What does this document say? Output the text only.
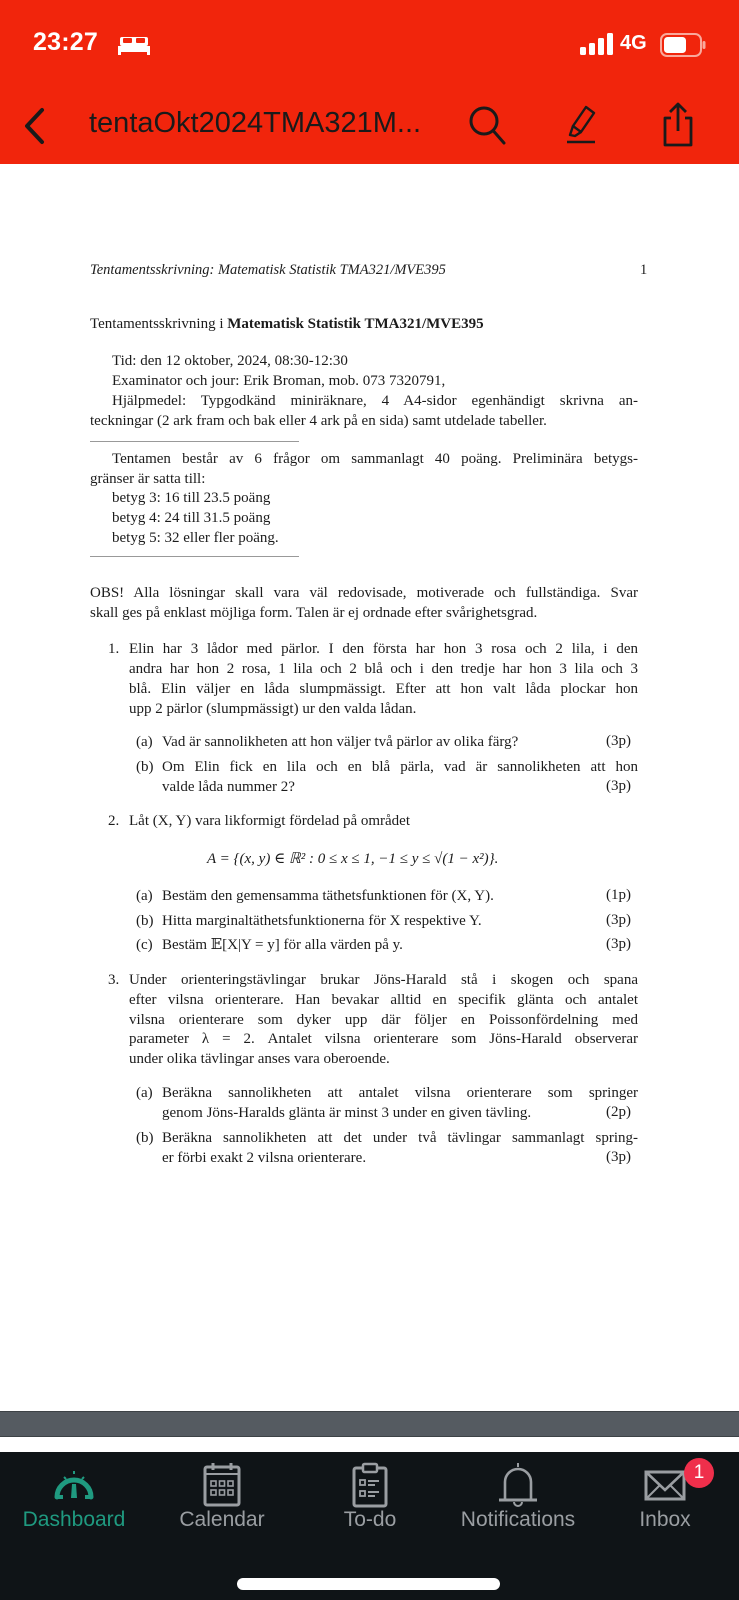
23:27	4G
tentaOkt2024TMA321M...
Tentamentsskrivning: Matematisk Statistik TMA321/MVE395	1
Tentamentsskrivning i Matematisk Statistik TMA321/MVE395
Tid: den 12 oktober, 2024, 08:30-12:30
Examinator och jour: Erik Broman, mob. 073 7320791,
Hjälpmedel: Typgodkänd miniräknare, 4 A4-sidor egenhändigt skrivna an-
teckningar (2 ark fram och bak eller 4 ark på en sida) samt utdelade tabeller.
Tentamen består av 6 frågor om sammanlagt 40 poäng. Preliminära betygs-
gränser är satta till:
betyg 3: 16 till 23.5 poäng
betyg 4: 24 till 31.5 poäng
betyg 5: 32 eller fler poäng.
OBS! Alla lösningar skall vara väl redovisade, motiverade och fullständiga. Svar
skall ges på enklast möjliga form. Talen är ej ordnade efter svårighetsgrad.
1. Elin har 3 lådor med pärlor. I den första har hon 3 rosa och 2 lila, i den
andra har hon 2 rosa, 1 lila och 2 blå och i den tredje har hon 3 lila och 3
blå. Elin väljer en låda slumpmässigt. Efter att hon valt låda plockar hon
upp 2 pärlor (slumpmässigt) ur den valda lådan.
(a) Vad är sannolikheten att hon väljer två pärlor av olika färg?	(3p)
(b) Om Elin fick en lila och en blå pärla, vad är sannolikheten att hon
valde låda nummer 2?	(3p)
2. Låt (X, Y) vara likformigt fördelad på området
A = {(x, y) ∈ ℝ² : 0 ≤ x ≤ 1, −1 ≤ y ≤ √(1 − x²)}.
(a) Bestäm den gemensamma täthetsfunktionen för (X, Y).	(1p)
(b) Hitta marginaltäthetsfunktionerna för X respektive Y.	(3p)
(c) Bestäm 𝔼[X|Y = y] för alla värden på y.	(3p)
3. Under orienteringstävlingar brukar Jöns-Harald stå i skogen och spana
efter vilsna orienterare. Han bevakar alltid en specifik glänta och antalet
vilsna orienterare som dyker upp där följer en Poissonfördelning med
parameter λ = 2. Antalet vilsna orienterare som Jöns-Harald observerar
under olika tävlingar anses vara oberoende.
(a) Beräkna sannolikheten att antalet vilsna orienterare som springer
genom Jöns-Haralds glänta är minst 3 under en given tävling.	(2p)
(b) Beräkna sannolikheten att det under två tävlingar sammanlagt spring-
er förbi exakt 2 vilsna orienterare.	(3p)
Dashboard	Calendar	To-do	Notifications	Inbox
1
